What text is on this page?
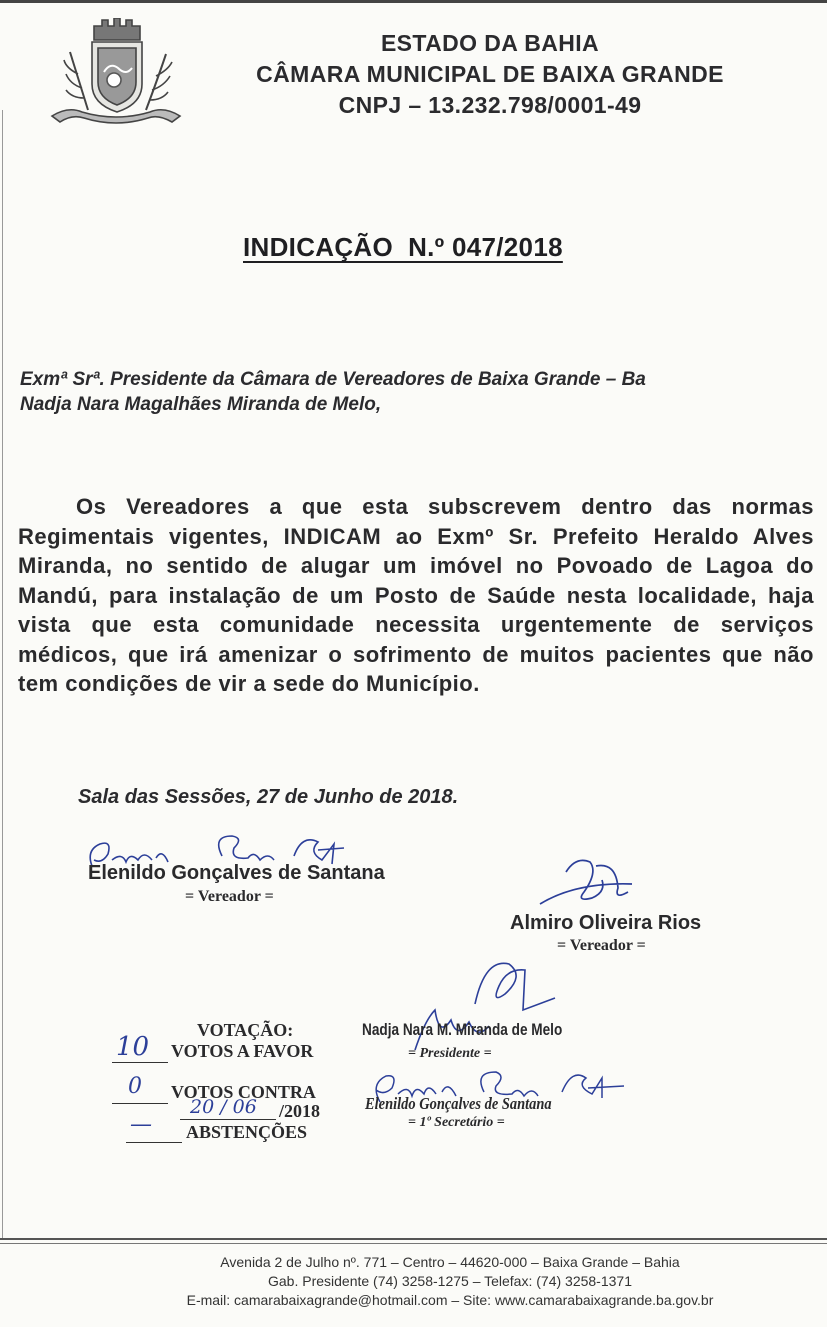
ESTADO DA BAHIA
CÂMARA MUNICIPAL DE BAIXA GRANDE
CNPJ – 13.232.798/0001-49
INDICAÇÃO  N.º 047/2018
Exmª Srª. Presidente da Câmara de Vereadores de Baixa Grande – Ba
Nadja Nara Magalhães Miranda de Melo,
Os Vereadores a que esta subscrevem dentro das normas Regimentais vigentes, INDICAM ao Exmº Sr. Prefeito Heraldo Alves Miranda, no sentido de alugar um imóvel no Povoado de Lagoa do Mandú, para instalação de um Posto de Saúde nesta localidade, haja vista que esta comunidade necessita urgentemente de serviços médicos, que irá amenizar o sofrimento de muitos pacientes que não tem condições de vir a sede do Município.
Sala das Sessões, 27 de Junho de 2018.
Elenildo Gonçalves de Santana
= Vereador =
Almiro Oliveira Rios
= Vereador =
VOTAÇÃO:
10 VOTOS A FAVOR
0 VOTOS CONTRA
20 / 06 /2018
— ABSTENÇÕES
Nadja Nara M. Miranda de Melo
= Presidente =
Elenildo Gonçalves de Santana
= 1º Secretário =
Avenida 2 de Julho nº. 771 – Centro – 44620-000 – Baixa Grande – Bahia
Gab. Presidente (74) 3258-1275 – Telefax: (74) 3258-1371
E-mail: camarabaixagrande@hotmail.com – Site: www.camarabaixagrande.ba.gov.br
